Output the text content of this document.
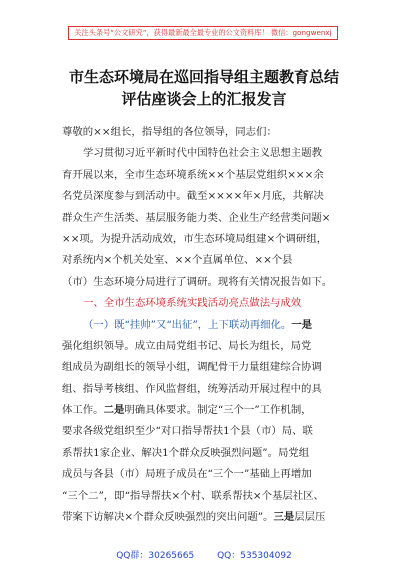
关注头条号“公文研究”，获得最新最全最专业的公文资料库！ 微信：gongwenxj
市生态环境局在巡回指导组主题教育总结
评估座谈会上的汇报发言
尊敬的××组长，指导组的各位领导，同志们：
学习贯彻习近平新时代中国特色社会主义思想主题教
育开展以来，全市生态环境系统××个基层党组织×××余
名党员深度参与到活动中。截至××××年×月底，共解决
群众生产生活类、基层服务能力类、企业生产经营类问题×
××项。为提升活动成效，市生态环境局组建×个调研组，
对系统内×个机关处室、××个直属单位、××个县
（市）生态环境分局进行了调研。现将有关情况报告如下。
一、全市生态环境系统实践活动亮点做法与成效
（一）既“挂帅”又“出征”，上下联动再细化。一是
强化组织领导。成立由局党组书记、局长为组长，局党
组成员为副组长的领导小组，调配骨干力量组建综合协调
组、指导考核组、作风监督组，统筹活动开展过程中的具
体工作。二是明确具体要求。制定“三个一”工作机制，
要求各级党组织至少“对口指导帮扶1个县（市）局、联
系帮扶1家企业、解决1个群众反映强烈问题”。局党组
成员与各县（市）局班子成员在“三个一”基础上再增加
“三个二”，即“指导帮扶×个村、联系帮扶×个基层社区、
带案下访解决×个群众反映强烈的突出问题”。三是层层压
QQ群：30265665	QQ：535304092
